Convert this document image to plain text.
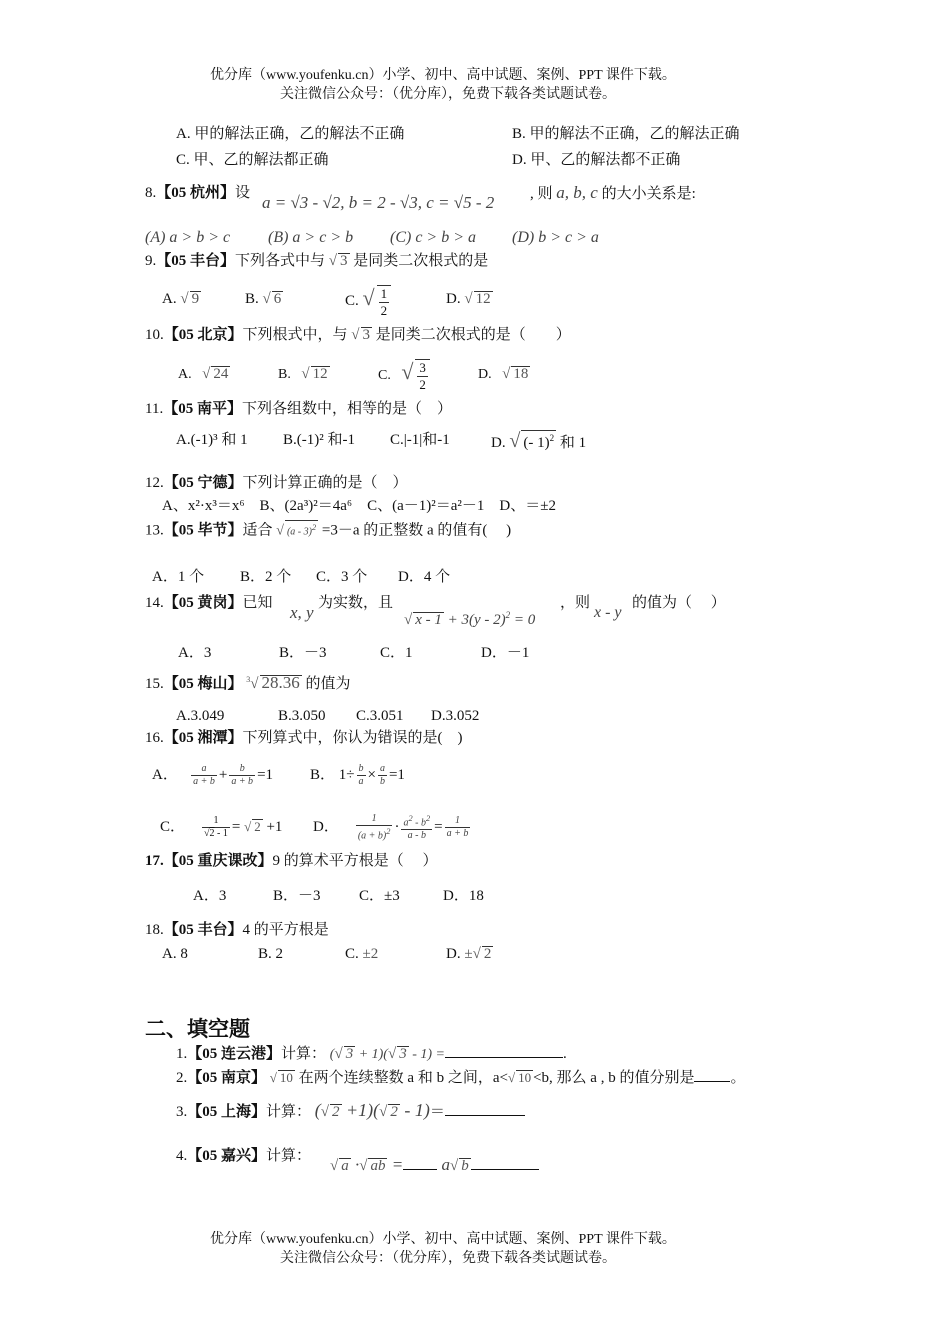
优分库（www.youfenku.cn）小学、初中、高中试题、案例、PPT 课件下载。
关注微信公众号：（优分库），免费下载各类试题试卷。
A. 甲的解法正确，乙的解法不正确	B. 甲的解法不正确，乙的解法正确
C. 甲、乙的解法都正确	D. 甲、乙的解法都不正确
8.【05 杭州】设 a = √3 - √2, b = 2 - √3, c = √5 - 2 , 则 a, b, c 的大小关系是:
(A) a > b > c (B) a > c > b (C) c > b > a (D) b > c > a
9.【05 丰台】下列各式中与 √ 3 是同类二次根式的是
A. √ 9	B. √ 6	C. √ $\frac{1}{2}$	D. √ 12
10.【05 北京】下列根式中，与 √ 3 是同类二次根式的是（　　）
A. √ 24	B. √ 12	C. √ $\frac{3}{2}$	D. √ 18
11.【05 南平】下列各组数中，相等的是（　）
A.(-1)³ 和 1 B.(-1)² 和-1 C.|-1|和-1	D. √ (- 1)$^2$ 和 1
12.【05 宁德】下列计算正确的是（　）
A、x²·x³＝x⁶　B、(2a³)²＝4a⁶　C、(a－1)²＝a²－1　D、＝±2
13.【05 毕节】适合 √ (a - 3)$^2$ =3－a 的正整数 a 的值有(　 )
A．1 个 B．2 个 C．3 个 D．4 个
14.【05 黄岗】已知 x, y 为实数，且
√ x - 1 + 3(y - 2)$^2$ = 0
，则
x - y
的值为（　 ）
A．3	B．－3	C．1	D．－1
15.【05 梅山】 $^3$√ 28.36 的值为
A.3.049	B.3.050 C.3.051 D.3.052
16.【05 湘潭】下列算式中，你认为错误的是(　)
A． $\frac{a}{a + b} + \frac{b}{a + b} =1$ B． $1\div \frac{b}{a} \times \frac{a}{b} =1$
C． $\frac{1}{√2 - 1}$ = √ 2 +1 D． $\frac{1}{(a + b)^2} \cdot \frac{a^2 - b^2}{a - b} = \frac{1}{a + b}$
17.【05 重庆课改】9 的算术平方根是（　 ）
A．3	B．－3	C．±3	D．18
18.【05 丰台】4 的平方根是
A. 8	B. 2	C. ±2	D. ±√ 2
二、填空题
1.【05 连云港】计算： (√ 3 + 1)(√ 3 - 1) =	.
2.【05 南京】 √ 10 在两个连续整数 a 和 b 之间，a<√ 10 <b, 那么 a , b 的值分别是 。
3.【05 上海】计算： (√ 2 +1)(√ 2 - 1)＝
4.【05 嘉兴】计算：
√ a ·√ ab = a√ b
优分库（www.youfenku.cn）小学、初中、高中试题、案例、PPT 课件下载。
关注微信公众号：（优分库），免费下载各类试题试卷。
